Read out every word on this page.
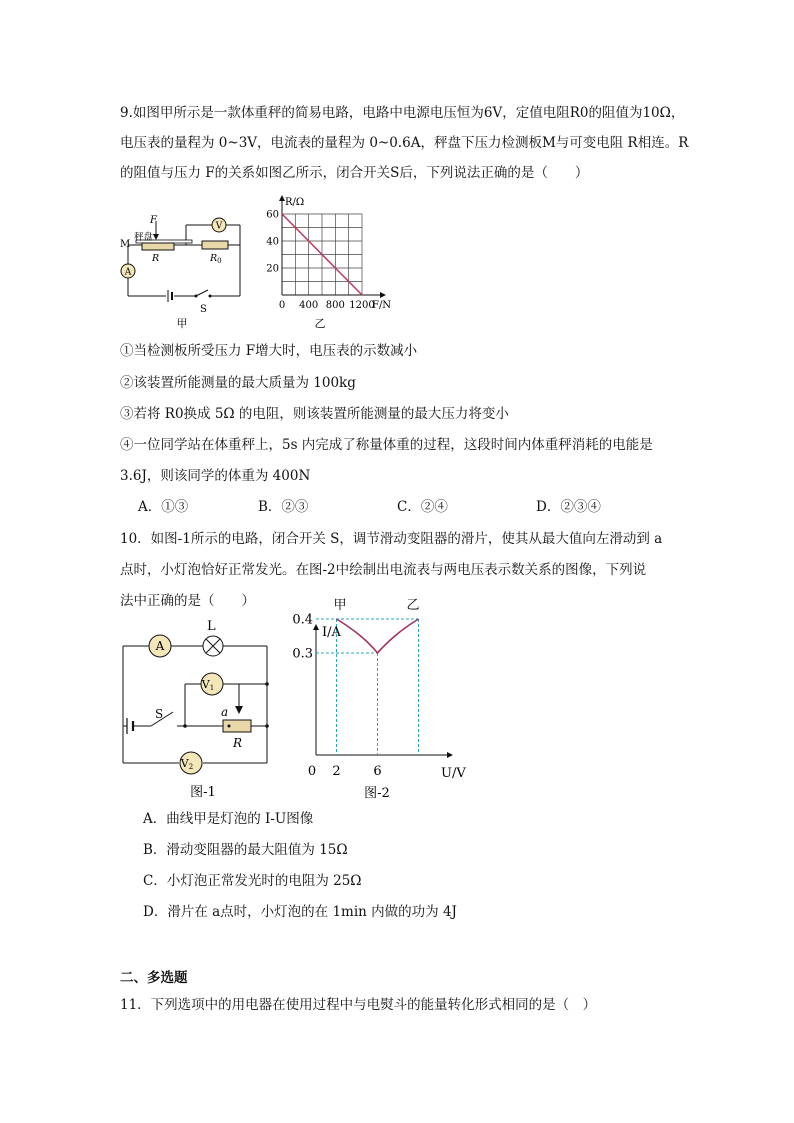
9.如图甲所示是一款体重秤的简易电路，电路中电源电压恒为6V，定值电阻R0的阻值为10Ω，
电压表的量程为 0~3V，电流表的量程为 0~0.6A，秤盘下压力检测板M与可变电阻 R相连。R
的阻值与压力 F的关系如图乙所示，闭合开关S后，下列说法正确的是（　　）
V
A
F
秤盘
M
R	$R_0$
S
甲
R/Ω
F/N
0 400 800 1200
20
40
60
乙
①当检测板所受压力 F增大时，电压表的示数减小
②该装置所能测量的最大质量为 100kg
③若将 R0换成 5Ω 的电阻，则该装置所能测量的最大压力将变小
④一位同学站在体重秤上，5s 内完成了称量体重的过程，这段时间内体重秤消耗的电能是
3.6J，则该同学的体重为 400N
A．①③	B．②③	C．②④	D．②③④
10．如图-1所示的电路，闭合开关 S，调节滑动变阻器的滑片，使其从最大值向左滑动到 a
点时，小灯泡恰好正常发光。在图-2中绘制出电流表与两电压表示数关系的图像，下列说
法中正确的是（　　）
A
L
V1
V2
S	a
R
图-1
I/A
U/V
0 2	6
0.3
0.4
甲	乙
图-2
A．曲线甲是灯泡的 I-U图像
B．滑动变阻器的最大阻值为 15Ω
C．小灯泡正常发光时的电阻为 25Ω
D．滑片在 a点时，小灯泡的在 1min 内做的功为 4J
二、多选题
11．下列选项中的用电器在使用过程中与电熨斗的能量转化形式相同的是（　）
